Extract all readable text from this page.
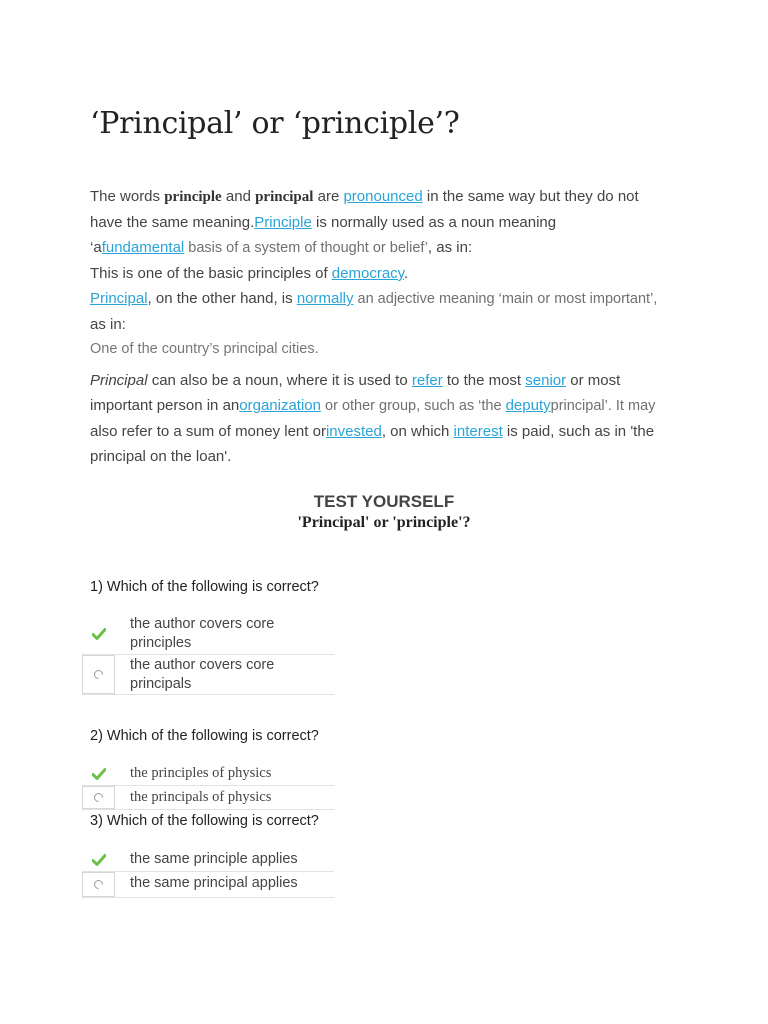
‘Principal’ or ‘principle’?
The words principle and principal are pronounced in the same way but they do not
have the same meaning.Principle is normally used as a noun meaning
‘afundamental basis of a system of thought or belief’, as in:
This is one of the basic principles of democracy.
Principal, on the other hand, is normally an adjective meaning ‘main or most important’,
as in:
One of the country’s principal cities.
Principal can also be a noun, where it is used to refer to the most senior or most
important person in anorganization or other group, such as ‘the deputyprincipal’. It may
also refer to a sum of money lent orinvested, on which interest is paid, such as in 'the
principal on the loan'.
TEST YOURSELF
'Principal' or 'principle'?

1) Which of the following is correct?

the author covers core
principles
the author covers core
principals

2) Which of the following is correct?

the principles of physics
the principals of physics

3) Which of the following is correct?

the same principle applies
the same principal applies
